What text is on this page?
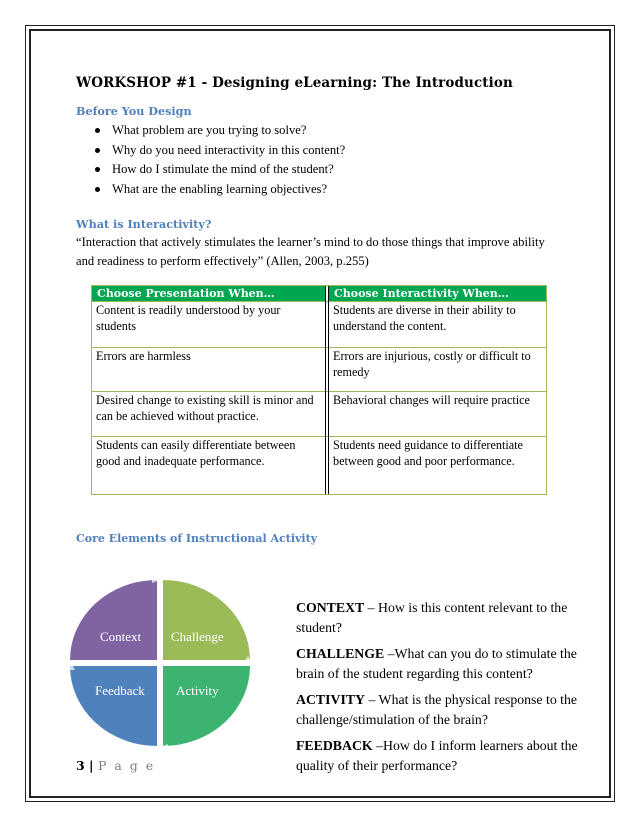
WORKSHOP #1 - Designing eLearning: The Introduction
Before You Design
What problem are you trying to solve?
Why do you need interactivity in this content?
How do I stimulate the mind of the student?
What are the enabling learning objectives?
What is Interactivity?
“Interaction that actively stimulates the learner’s mind to do those things that improve ability and readiness to perform effectively” (Allen, 2003, p.255)
Choose Presentation When…	Choose Interactivity When…
Content is readily understood by your students
Students are diverse in their ability to understand the content.
Errors are harmless	Errors are injurious, costly or difficult to remedy
Desired change to existing skill is minor and can be achieved without practice.
Behavioral changes will require practice
Students can easily differentiate between good and inadequate performance.
Students need guidance to differentiate between good and poor performance.
Core Elements of Instructional Activity
Context Challenge
Feedback Activity

CONTEXT – How is this content relevant to the student?

CHALLENGE –What can you do to stimulate the brain of the student regarding this content?

ACTIVITY – What is the physical response to the challenge/stimulation of the brain?

FEEDBACK –How do I inform learners about the quality of their performance?

3 | P a g e
